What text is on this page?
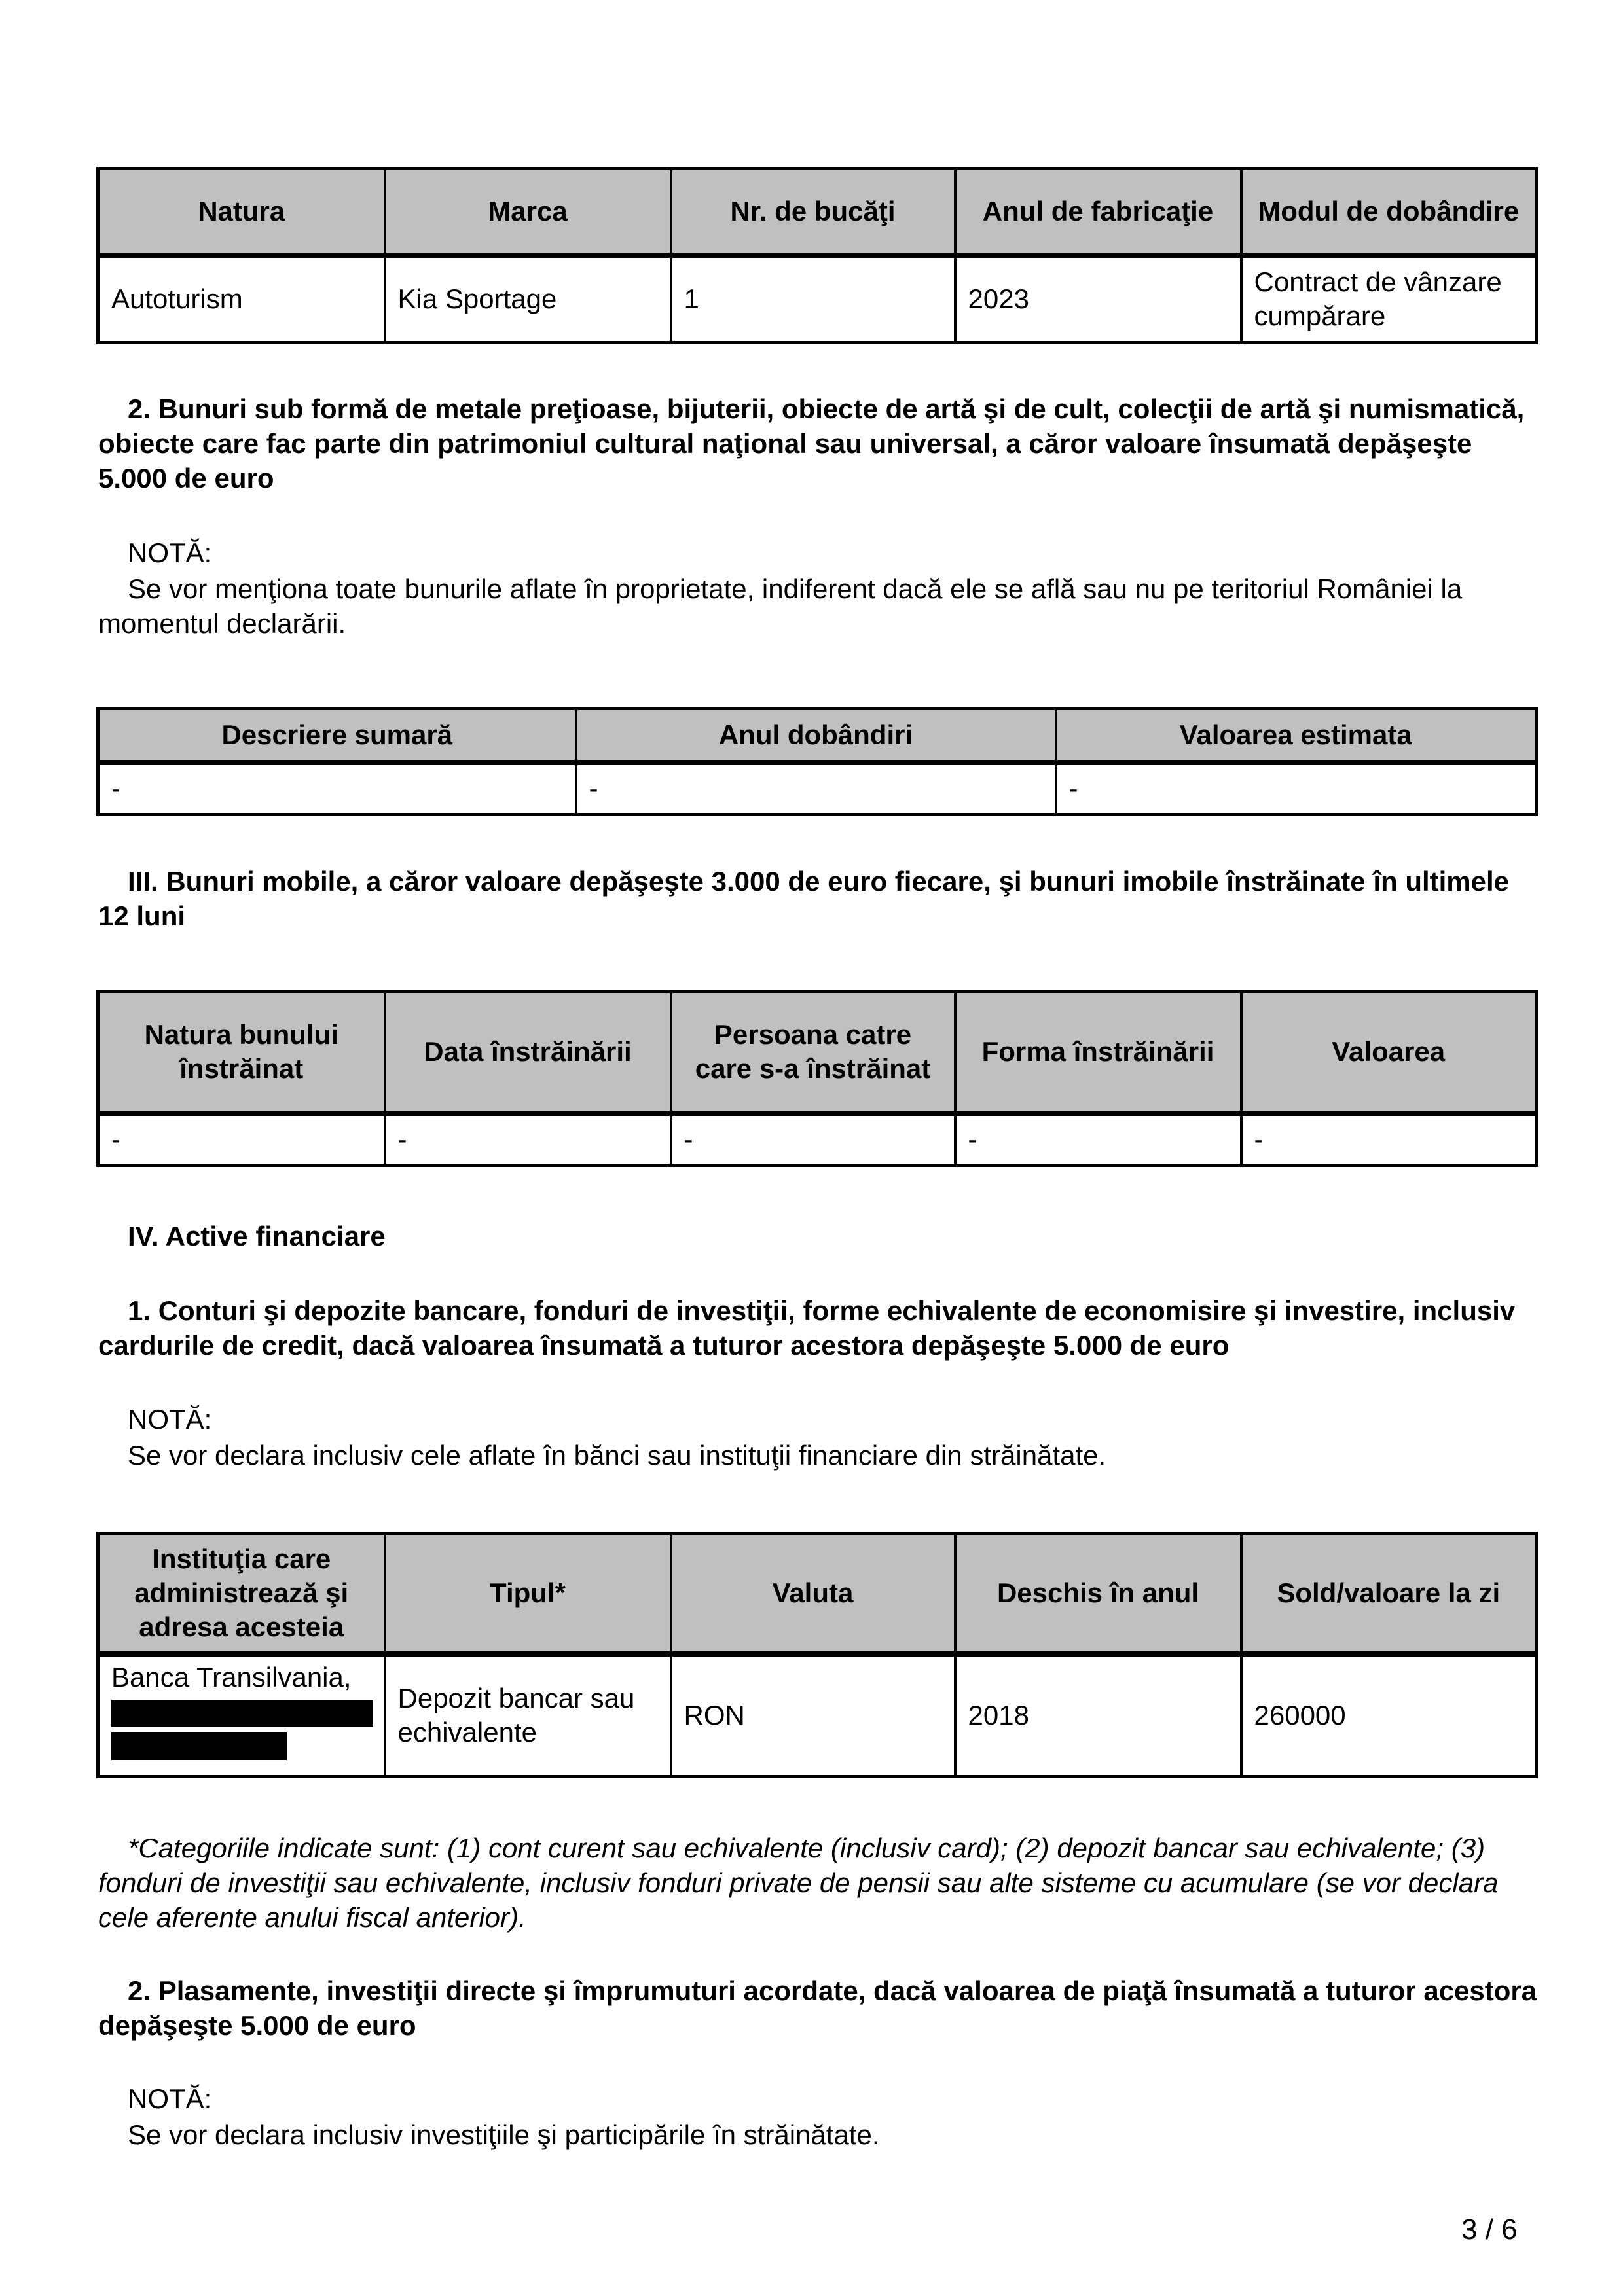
Natura	Marca	Nr. de bucăţi	Anul de fabricaţie	Modul de dobândire
Autoturism	Kia Sportage	1	2023	Contract de vânzare cumpărare
2. Bunuri sub formă de metale preţioase, bijuterii, obiecte de artă şi de cult, colecţii de artă şi numismatică, obiecte care fac parte din patrimoniul cultural naţional sau universal, a căror valoare însumată depăşeşte 5.000 de euro
NOTĂ:
Se vor menţiona toate bunurile aflate în proprietate, indiferent dacă ele se află sau nu pe teritoriul României la momentul declarării.
Descriere sumară	Anul dobândiri	Valoarea estimata
-	-	-
III. Bunuri mobile, a căror valoare depăşeşte 3.000 de euro fiecare, şi bunuri imobile înstrăinate în ultimele 12 luni
Natura bunului înstrăinat	Data înstrăinării	Persoana catre care s-a înstrăinat	Forma înstrăinării	Valoarea
-	-	-	-	-
IV. Active financiare
1. Conturi şi depozite bancare, fonduri de investiţii, forme echivalente de economisire şi investire, inclusiv cardurile de credit, dacă valoarea însumată a tuturor acestora depăşeşte 5.000 de euro
NOTĂ:
Se vor declara inclusiv cele aflate în bănci sau instituţii financiare din străinătate.
Instituţia care administrează şi adresa acesteia	Tipul*	Valuta	Deschis în anul	Sold/valoare la zi
Banca Transilvania,	Depozit bancar sau echivalente	RON	2018	260000
*Categoriile indicate sunt: (1) cont curent sau echivalente (inclusiv card); (2) depozit bancar sau echivalente; (3) fonduri de investiţii sau echivalente, inclusiv fonduri private de pensii sau alte sisteme cu acumulare (se vor declara cele aferente anului fiscal anterior).
2. Plasamente, investiţii directe şi împrumuturi acordate, dacă valoarea de piaţă însumată a tuturor acestora depăşeşte 5.000 de euro
NOTĂ:
Se vor declara inclusiv investiţiile şi participările în străinătate.
3 / 6
